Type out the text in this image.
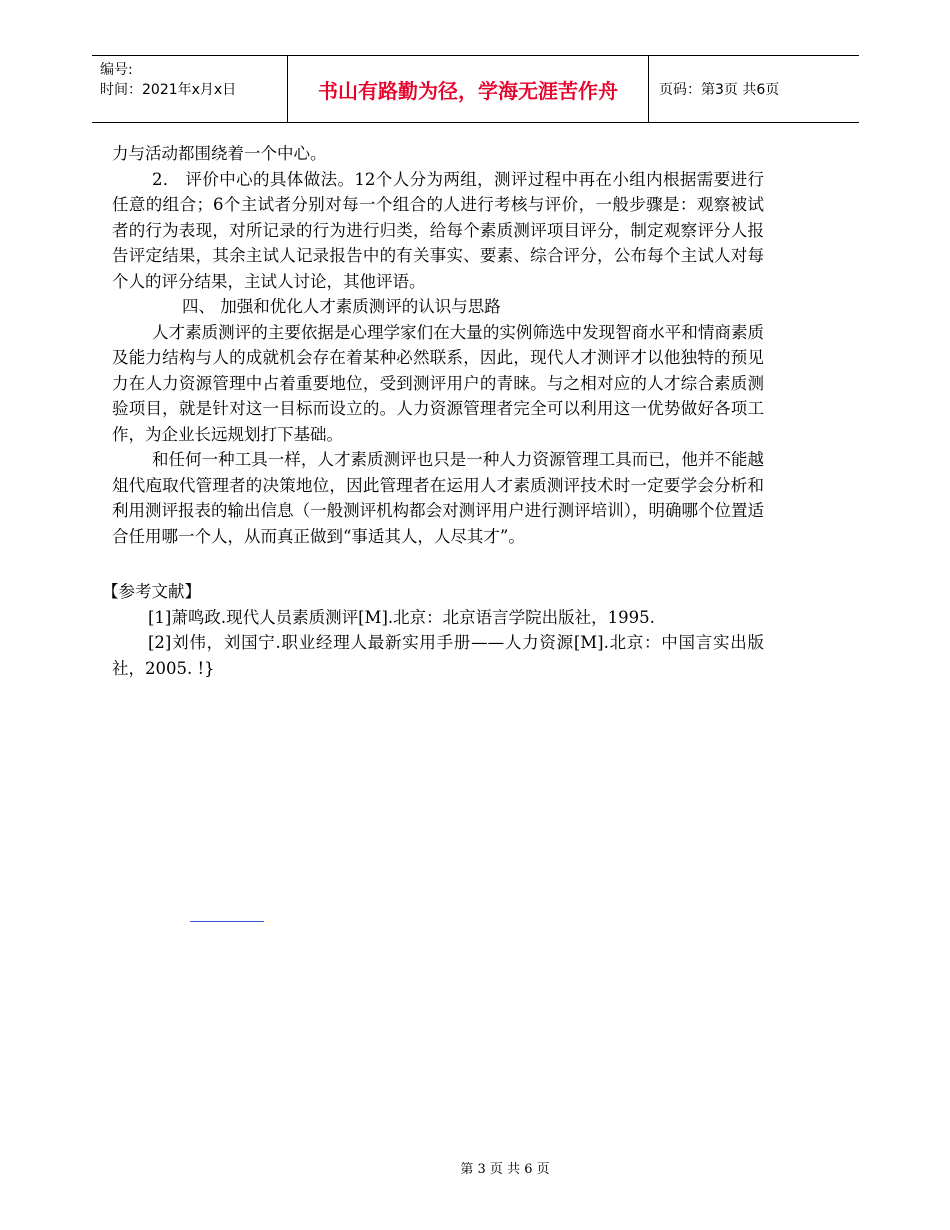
编号:
时间：2021年x月x日	书山有路勤为径，学海无涯苦作舟	页码：第3页 共6页

力与活动都围绕着一个中心。

2． 评价中心的具体做法。12个人分为两组，测评过程中再在小组内根据需要进行任意的组合；6个主试者分别对每一个组合的人进行考核与评价，一般步骤是：观察被试者的行为表现，对所记录的行为进行归类，给每个素质测评项目评分，制定观察评分人报告评定结果，其余主试人记录报告中的有关事实、要素、综合评分，公布每个主试人对每个人的评分结果，主试人讨论，其他评语。

四、 加强和优化人才素质测评的认识与思路

人才素质测评的主要依据是心理学家们在大量的实例筛选中发现智商水平和情商素质及能力结构与人的成就机会存在着某种必然联系，因此，现代人才测评才以他独特的预见力在人力资源管理中占着重要地位，受到测评用户的青睐。与之相对应的人才综合素质测验项目，就是针对这一目标而设立的。人力资源管理者完全可以利用这一优势做好各项工作，为企业长远规划打下基础。

和任何一种工具一样，人才素质测评也只是一种人力资源管理工具而已，他并不能越俎代庖取代管理者的决策地位，因此管理者在运用人才素质测评技术时一定要学会分析和利用测评报表的输出信息（一般测评机构都会对测评用户进行测评培训），明确哪个位置适合任用哪一个人，从而真正做到“事适其人，人尽其才”。

【参考文献】

[1]萧鸣政.现代人员素质测评[M].北京：北京语言学院出版社，1995.

[2]刘伟，刘国宁.职业经理人最新实用手册——人力资源[M].北京：中国言实出版社，2005. !}

第 3 页 共 6 页
